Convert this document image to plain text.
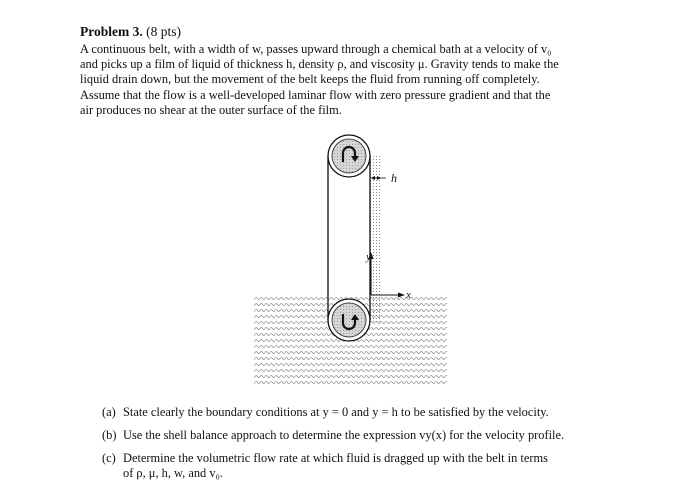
Problem 3. (8 pts)
A continuous belt, with a width of w, passes upward through a chemical bath at a velocity of v₀
and picks up a film of liquid of thickness h, density ρ, and viscosity μ. Gravity tends to make the
liquid drain down, but the movement of the belt keeps the fluid from running off completely.
Assume that the flow is a well-developed laminar flow with zero pressure gradient and that the
air produces no shear at the outer surface of the film.
h
y
x
(a) State clearly the boundary conditions at y = 0 and y = h to be satisfied by the velocity.
(b) Use the shell balance approach to determine the expression vy(x) for the velocity profile.
(c) Determine the volumetric flow rate at which fluid is dragged up with the belt in terms
of ρ, μ, h, w, and v₀.
